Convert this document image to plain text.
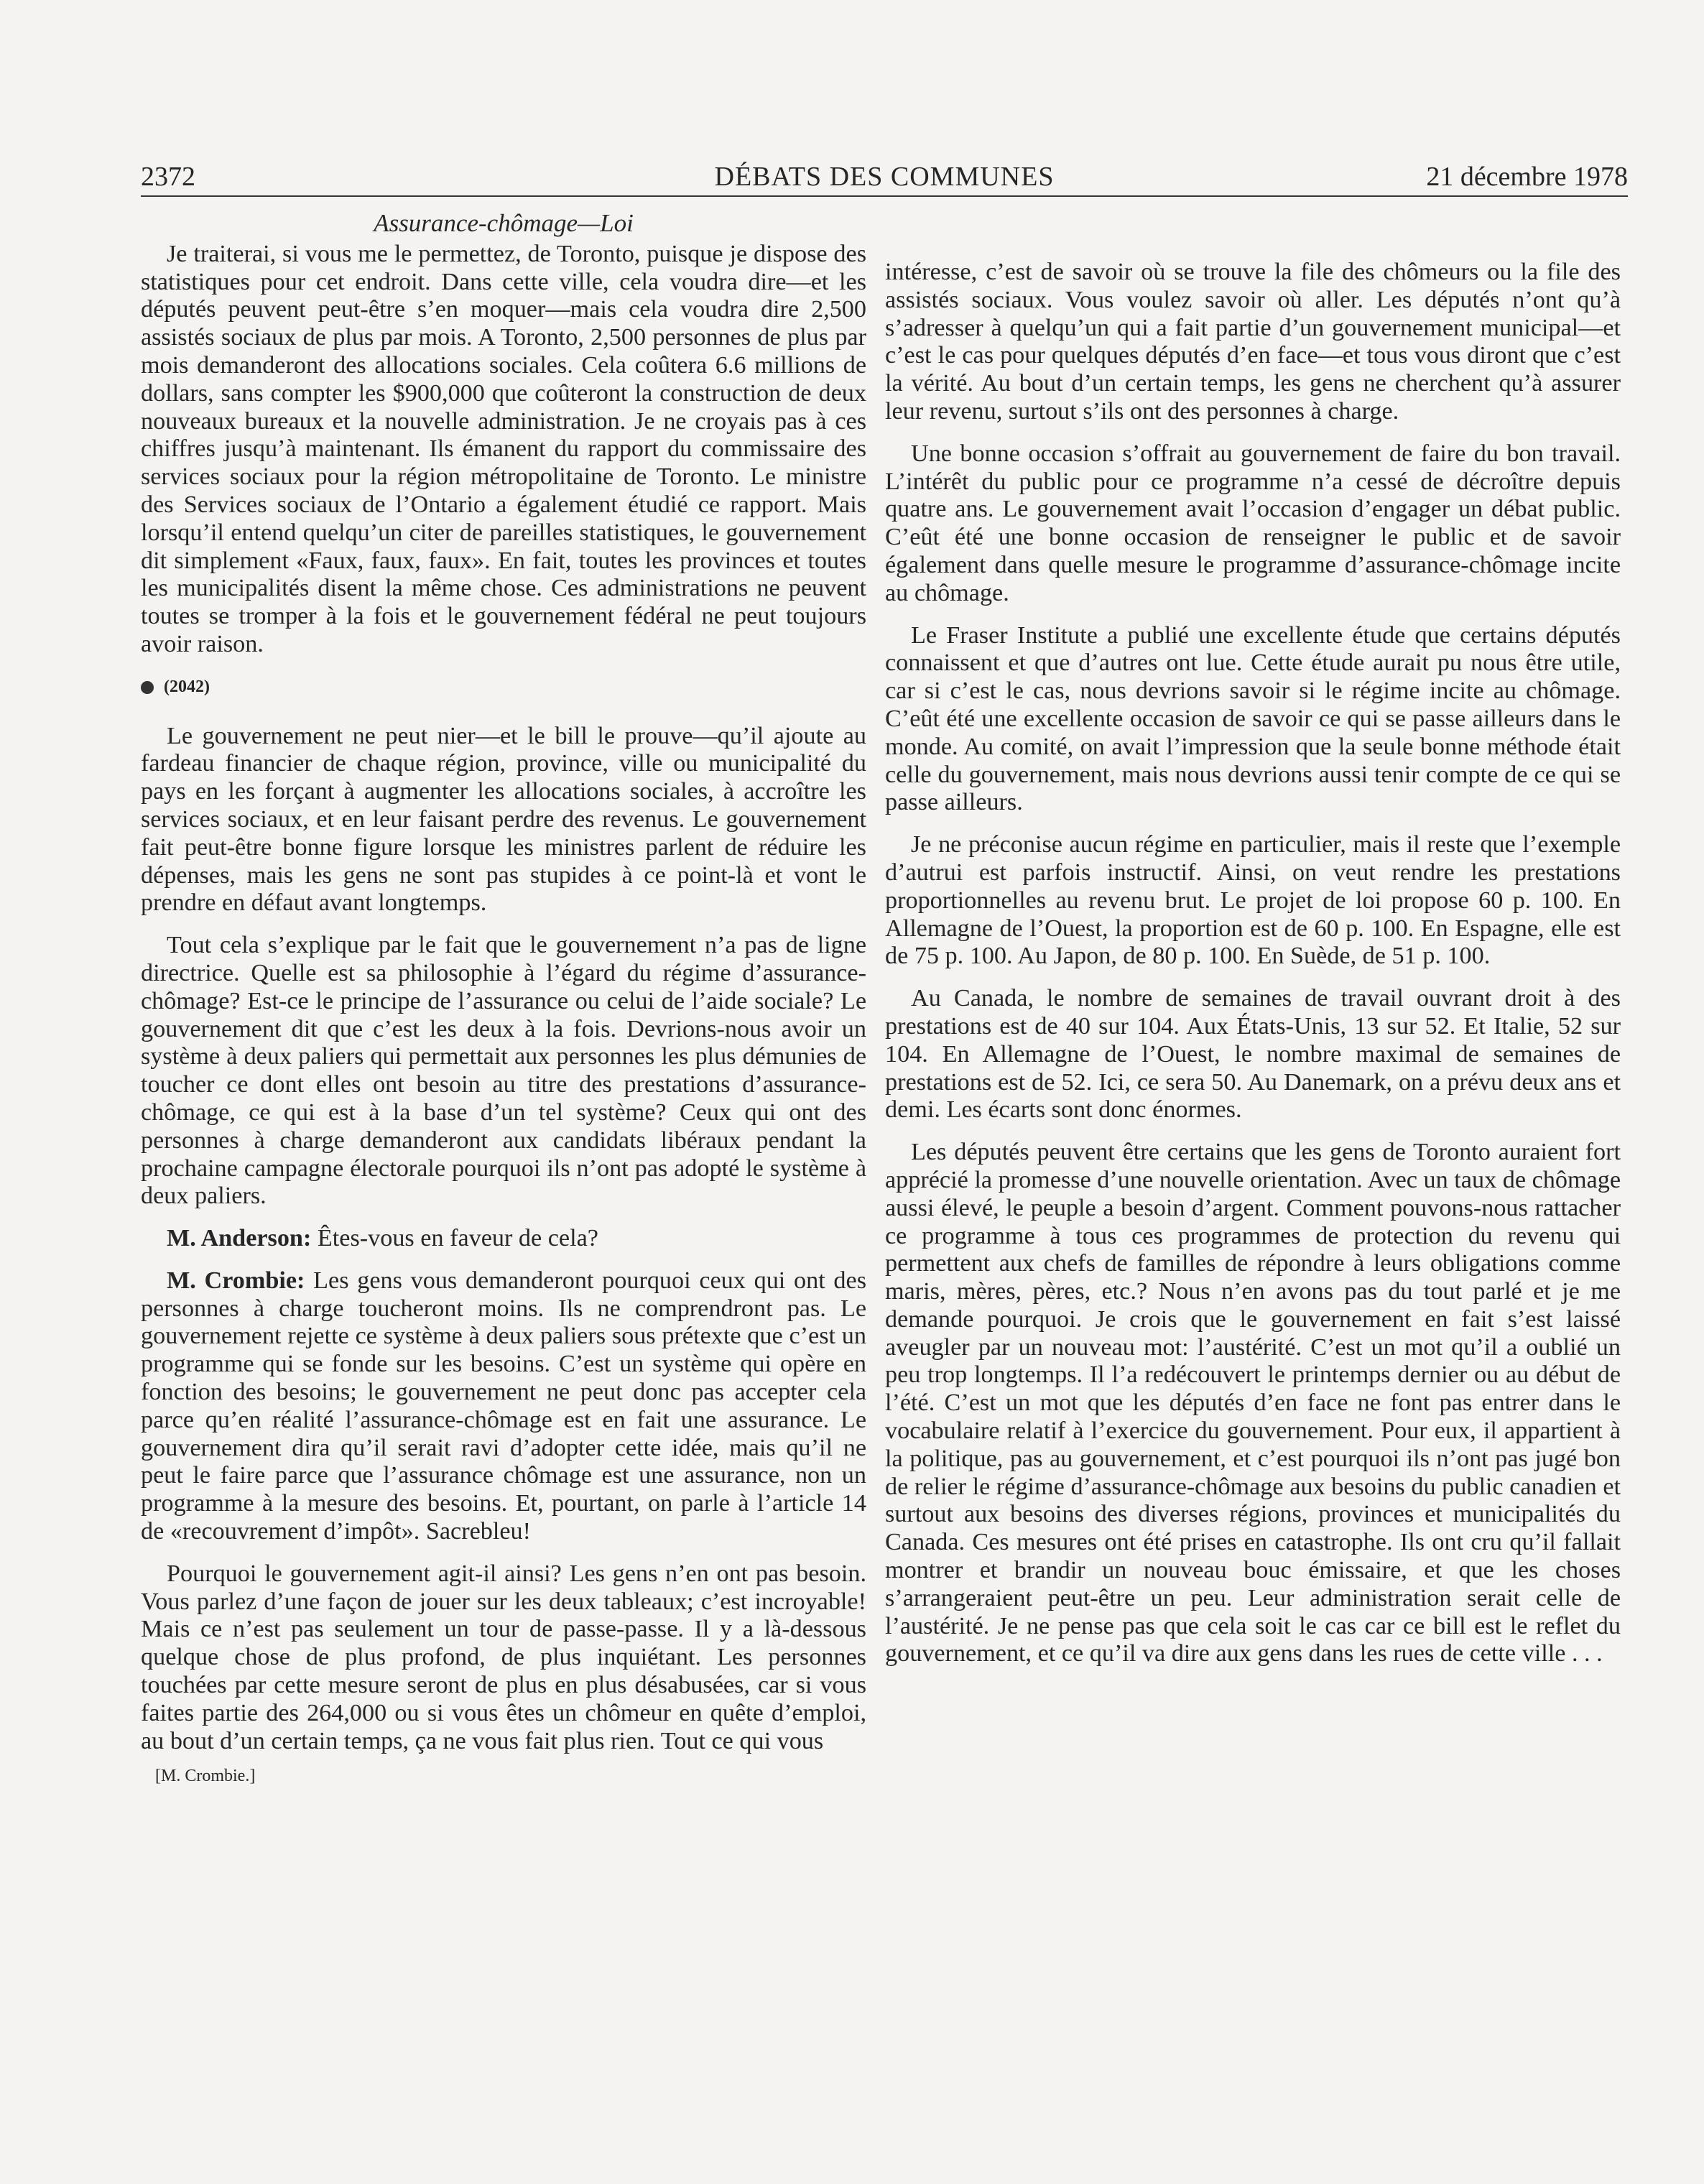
2372	DÉBATS DES COMMUNES	21 décembre 1978
Assurance-chômage—Loi

Je traiterai, si vous me le permettez, de Toronto, puisque je dispose des statistiques pour cet endroit. Dans cette ville, cela voudra dire—et les députés peuvent peut-être s’en moquer—mais cela voudra dire 2,500 assistés sociaux de plus par mois. A Toronto, 2,500 personnes de plus par mois demanderont des allocations sociales. Cela coûtera 6.6 millions de dollars, sans compter les $900,000 que coûteront la construction de deux nouveaux bureaux et la nouvelle administration. Je ne croyais pas à ces chiffres jusqu’à maintenant. Ils émanent du rapport du commissaire des services sociaux pour la région métropolitaine de Toronto. Le ministre des Services sociaux de l’Ontario a également étudié ce rapport. Mais lorsqu’il entend quelqu’un citer de pareilles statistiques, le gouvernement dit simplement «Faux, faux, faux». En fait, toutes les provinces et toutes les municipalités disent la même chose. Ces administrations ne peuvent toutes se tromper à la fois et le gouvernement fédéral ne peut toujours avoir raison.

(2042)

Le gouvernement ne peut nier—et le bill le prouve—qu’il ajoute au fardeau financier de chaque région, province, ville ou municipalité du pays en les forçant à augmenter les allocations sociales, à accroître les services sociaux, et en leur faisant perdre des revenus. Le gouvernement fait peut-être bonne figure lorsque les ministres parlent de réduire les dépenses, mais les gens ne sont pas stupides à ce point-là et vont le prendre en défaut avant longtemps.

Tout cela s’explique par le fait que le gouvernement n’a pas de ligne directrice. Quelle est sa philosophie à l’égard du régime d’assurance-chômage? Est-ce le principe de l’assurance ou celui de l’aide sociale? Le gouvernement dit que c’est les deux à la fois. Devrions-nous avoir un système à deux paliers qui permettait aux personnes les plus démunies de toucher ce dont elles ont besoin au titre des prestations d’assurance-chômage, ce qui est à la base d’un tel système? Ceux qui ont des personnes à charge demanderont aux candidats libéraux pendant la prochaine campagne électorale pourquoi ils n’ont pas adopté le système à deux paliers.

M. Anderson: Êtes-vous en faveur de cela?

M. Crombie: Les gens vous demanderont pourquoi ceux qui ont des personnes à charge toucheront moins. Ils ne comprendront pas. Le gouvernement rejette ce système à deux paliers sous prétexte que c’est un programme qui se fonde sur les besoins. C’est un système qui opère en fonction des besoins; le gouvernement ne peut donc pas accepter cela parce qu’en réalité l’assurance-chômage est en fait une assurance. Le gouvernement dira qu’il serait ravi d’adopter cette idée, mais qu’il ne peut le faire parce que l’assurance chômage est une assurance, non un programme à la mesure des besoins. Et, pourtant, on parle à l’article 14 de «recouvrement d’impôt». Sacrebleu!

Pourquoi le gouvernement agit-il ainsi? Les gens n’en ont pas besoin. Vous parlez d’une façon de jouer sur les deux tableaux; c’est incroyable! Mais ce n’est pas seulement un tour de passe-passe. Il y a là-dessous quelque chose de plus profond, de plus inquiétant. Les personnes touchées par cette mesure seront de plus en plus désabusées, car si vous faites partie des 264,000 ou si vous êtes un chômeur en quête d’emploi, au bout d’un certain temps, ça ne vous fait plus rien. Tout ce qui vous

[M. Crombie.]

intéresse, c’est de savoir où se trouve la file des chômeurs ou la file des assistés sociaux. Vous voulez savoir où aller. Les députés n’ont qu’à s’adresser à quelqu’un qui a fait partie d’un gouvernement municipal—et c’est le cas pour quelques députés d’en face—et tous vous diront que c’est la vérité. Au bout d’un certain temps, les gens ne cherchent qu’à assurer leur revenu, surtout s’ils ont des personnes à charge.

Une bonne occasion s’offrait au gouvernement de faire du bon travail. L’intérêt du public pour ce programme n’a cessé de décroître depuis quatre ans. Le gouvernement avait l’occasion d’engager un débat public. C’eût été une bonne occasion de renseigner le public et de savoir également dans quelle mesure le programme d’assurance-chômage incite au chômage.

Le Fraser Institute a publié une excellente étude que certains députés connaissent et que d’autres ont lue. Cette étude aurait pu nous être utile, car si c’est le cas, nous devrions savoir si le régime incite au chômage. C’eût été une excellente occasion de savoir ce qui se passe ailleurs dans le monde. Au comité, on avait l’impression que la seule bonne méthode était celle du gouvernement, mais nous devrions aussi tenir compte de ce qui se passe ailleurs.

Je ne préconise aucun régime en particulier, mais il reste que l’exemple d’autrui est parfois instructif. Ainsi, on veut rendre les prestations proportionnelles au revenu brut. Le projet de loi propose 60 p. 100. En Allemagne de l’Ouest, la proportion est de 60 p. 100. En Espagne, elle est de 75 p. 100. Au Japon, de 80 p. 100. En Suède, de 51 p. 100.

Au Canada, le nombre de semaines de travail ouvrant droit à des prestations est de 40 sur 104. Aux États-Unis, 13 sur 52. Et Italie, 52 sur 104. En Allemagne de l’Ouest, le nombre maximal de semaines de prestations est de 52. Ici, ce sera 50. Au Danemark, on a prévu deux ans et demi. Les écarts sont donc énormes.

Les députés peuvent être certains que les gens de Toronto auraient fort apprécié la promesse d’une nouvelle orientation. Avec un taux de chômage aussi élevé, le peuple a besoin d’argent. Comment pouvons-nous rattacher ce programme à tous ces programmes de protection du revenu qui permettent aux chefs de familles de répondre à leurs obligations comme maris, mères, pères, etc.? Nous n’en avons pas du tout parlé et je me demande pourquoi. Je crois que le gouvernement en fait s’est laissé aveugler par un nouveau mot: l’austérité. C’est un mot qu’il a oublié un peu trop longtemps. Il l’a redécouvert le printemps dernier ou au début de l’été. C’est un mot que les députés d’en face ne font pas entrer dans le vocabulaire relatif à l’exercice du gouvernement. Pour eux, il appartient à la politique, pas au gouvernement, et c’est pourquoi ils n’ont pas jugé bon de relier le régime d’assurance-chômage aux besoins du public canadien et surtout aux besoins des diverses régions, provinces et municipalités du Canada. Ces mesures ont été prises en catastrophe. Ils ont cru qu’il fallait montrer et brandir un nouveau bouc émissaire, et que les choses s’arrangeraient peut-être un peu. Leur administration serait celle de l’austérité. Je ne pense pas que cela soit le cas car ce bill est le reflet du gouvernement, et ce qu’il va dire aux gens dans les rues de cette ville . . .
